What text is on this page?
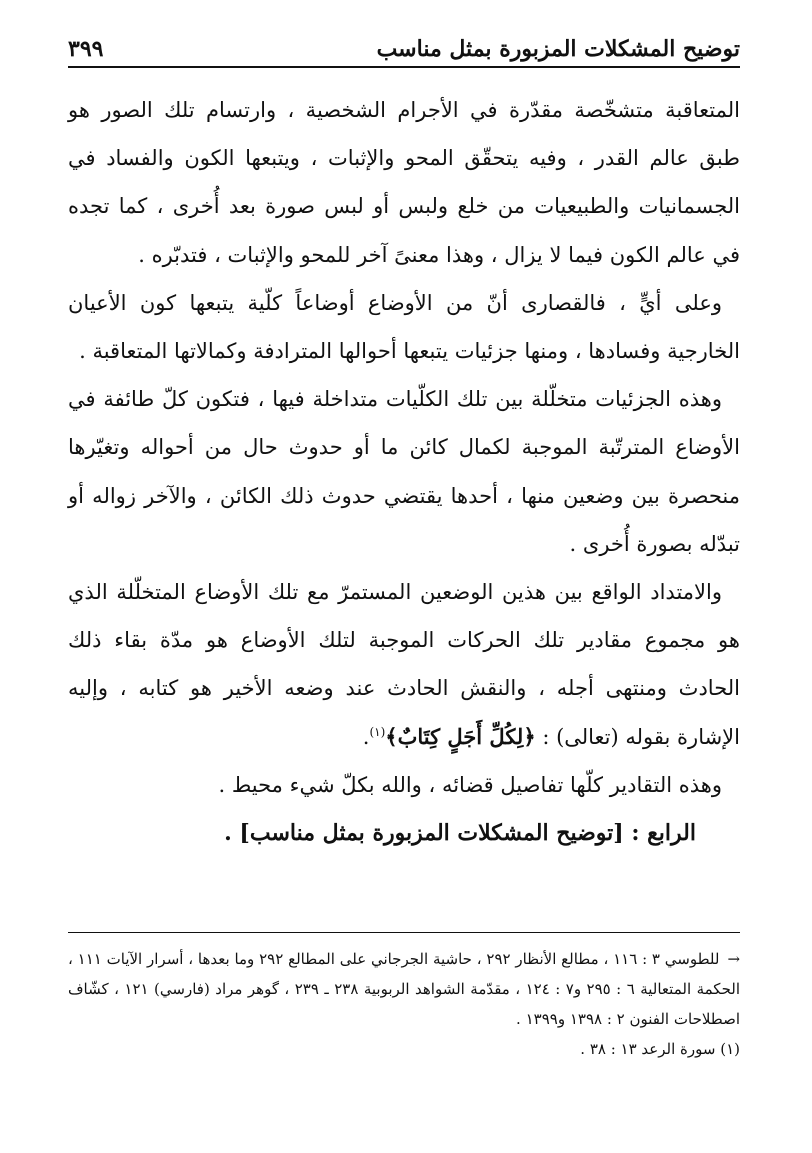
توضيح المشكلات المزبورة بمثل مناسب
٣٩٩

المتعاقبة متشخّصة مقدّرة في الأجرام الشخصية ، وارتسام تلك الصور هو طبق عالم القدر ، وفيه يتحقّق المحو والإثبات ، ويتبعها الكون والفساد في الجسمانيات والطبيعيات من خلع ولبس أو لبس صورة بعد أُخرى ، كما تجده في عالم الكون فيما لا يزال ، وهذا معنىً آخر للمحو والإثبات ، فتدبّره .

وعلى أيٍّ ، فالقصارى أنّ من الأوضاع أوضاعاً كلّية يتبعها كون الأعيان الخارجية وفسادها ، ومنها جزئيات يتبعها أحوالها المترادفة وكمالاتها المتعاقبة .

وهذه الجزئيات متخلّلة بين تلك الكلّيات متداخلة فيها ، فتكون كلّ طائفة في الأوضاع المترتّبة الموجبة لكمال كائن ما أو حدوث حال من أحواله وتغيّرها منحصرة بين وضعين منها ، أحدها يقتضي حدوث ذلك الكائن ، والآخر زواله أو تبدّله بصورة أُخرى .

والامتداد الواقع بين هذين الوضعين المستمرّ مع تلك الأوضاع المتخلّلة الذي هو مجموع مقادير تلك الحركات الموجبة لتلك الأوضاع هو مدّة بقاء ذلك الحادث ومنتهى أجله ، والنقش الحادث عند وضعه الأخير هو كتابه ، وإليه الإشارة بقوله (تعالى) : ﴿لِكُلِّ أَجَلٍ كِتَابٌ﴾$^{(١)}$.

وهذه التقادير كلّها تفاصيل قضائه ، والله بكلّ شيء محيط .

الرابع : [توضيح المشكلات المزبورة بمثل مناسب] .

→للطوسي ٣ : ١١٦ ، مطالع الأنظار ٢٩٢ ، حاشية الجرجاني على المطالع ٢٩٢ وما بعدها ، أسرار الآيات ١١١ ، الحكمة المتعالية ٦ : ٢٩٥ و٧ : ١٢٤ ، مقدّمة الشواهد الربوبية ٢٣٨ ـ ٢٣٩ ، گوهر مراد (فارسي) ١٢١ ، كشّاف اصطلاحات الفنون ٢ : ١٣٩٨ و١٣٩٩ .

(١) سورة الرعد ١٣ : ٣٨ .
